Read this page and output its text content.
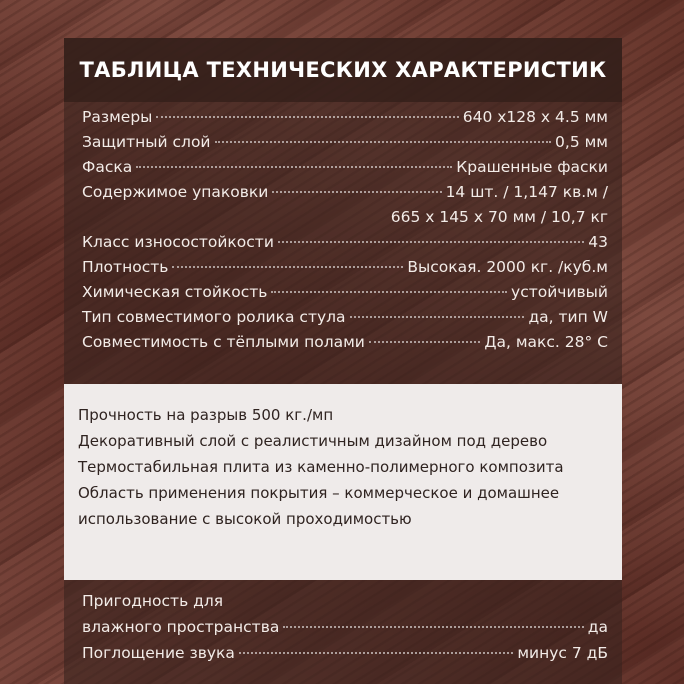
ТАБЛИЦА ТЕХНИЧЕСКИХ ХАРАКТЕРИСТИК
Размеры	640 х128 х 4.5 мм
Защитный слой	0,5 мм
Фаска	Крашенные фаски
Содержимое упаковки	14 шт. / 1,147 кв.м /
665 х 145 х 70 мм / 10,7 кг
Класс износостойкости	43
Плотность	Высокая. 2000 кг. /куб.м
Химическая стойкость	устойчивый
Тип совместимого ролика стула	да, тип W
Совместимость с тёплыми полами	Да, макс. 28° С
Прочность на разрыв 500 кг./мп
Декоративный слой с реалистичным дизайном под дерево
Термостабильная плита из каменно-полимерного композита
Область применения покрытия – коммерческое и домашнее
использование с высокой проходимостью
Пригодность для
влажного пространства	да
Поглощение звука	минус 7 дБ
